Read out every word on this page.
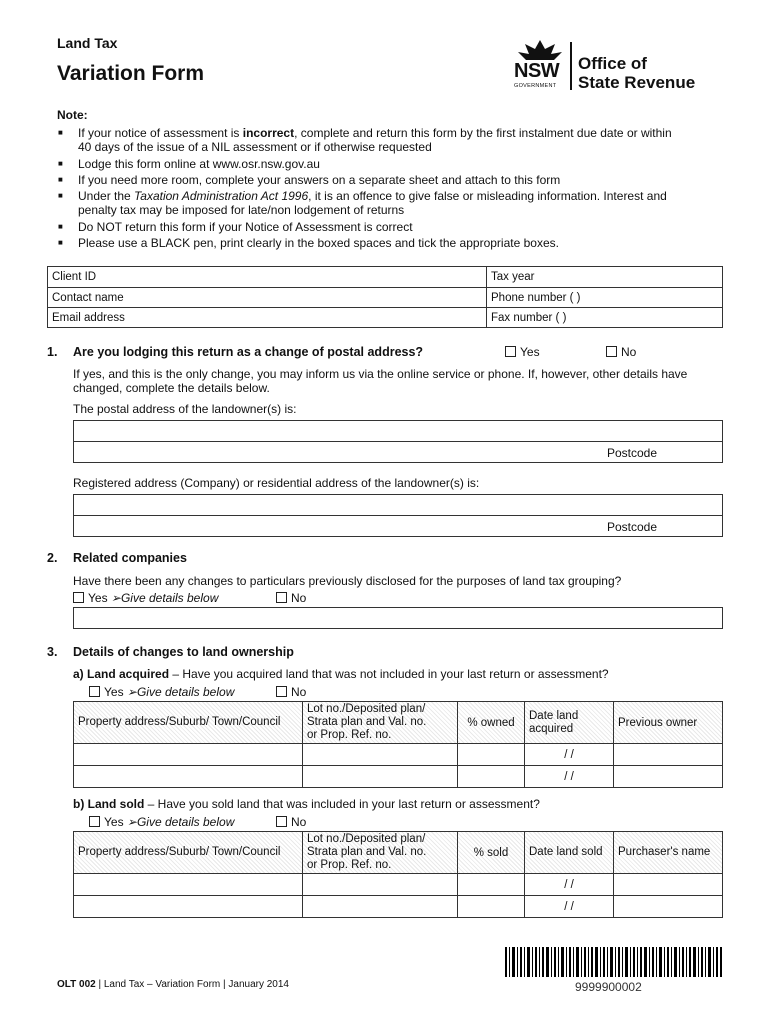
Land Tax
Variation Form	NSW
GOVERNMENT
Office of
State Revenue
Note:
If your notice of assessment is incorrect, complete and return this form by the first instalment due date or within
40 days of the issue of a NIL assessment or if otherwise requested
Lodge this form online at www.osr.nsw.gov.au
If you need more room, complete your answers on a separate sheet and attach to this form
Under the Taxation Administration Act 1996, it is an offence to give false or misleading information. Interest and
penalty tax may be imposed for late/non lodgement of returns
Do NOT return this form if your Notice of Assessment is correct
Please use a BLACK pen, print clearly in the boxed spaces and tick the appropriate boxes.
■
■
■
■
■
■
Client ID	Tax year
Contact name	Phone number ( )
Email address	Fax number ( )
1. Are you lodging this return as a change of postal address?	Yes	No
If yes, and this is the only change, you may inform us via the online service or phone. If, however, other details have
changed, complete the details below.
The postal address of the landowner(s) is:
Postcode
Registered address (Company) or residential address of the landowner(s) is:
Postcode
2. Related companies
Have there been any changes to particulars previously disclosed for the purposes of land tax grouping?
Yes ➢Give details below	No
3. Details of changes to land ownership
a) Land acquired – Have you acquired land that was not included in your last return or assessment?
Yes ➢Give details below	No
Property address/Suburb/ Town/Council	Lot no./Deposited plan/
Strata plan and Val. no.
or Prop. Ref. no.	% owned	Date land acquired	Previous owner
			/ /	
			/ /	
b) Land sold – Have you sold land that was included in your last return or assessment?
Yes ➢Give details below	No
Property address/Suburb/ Town/Council	Lot no./Deposited plan/
Strata plan and Val. no.
or Prop. Ref. no.	% sold	Date land sold	Purchaser's name
			/ /	
			/ /	
OLT 002 | Land Tax – Variation Form | January 2014	9999900002
